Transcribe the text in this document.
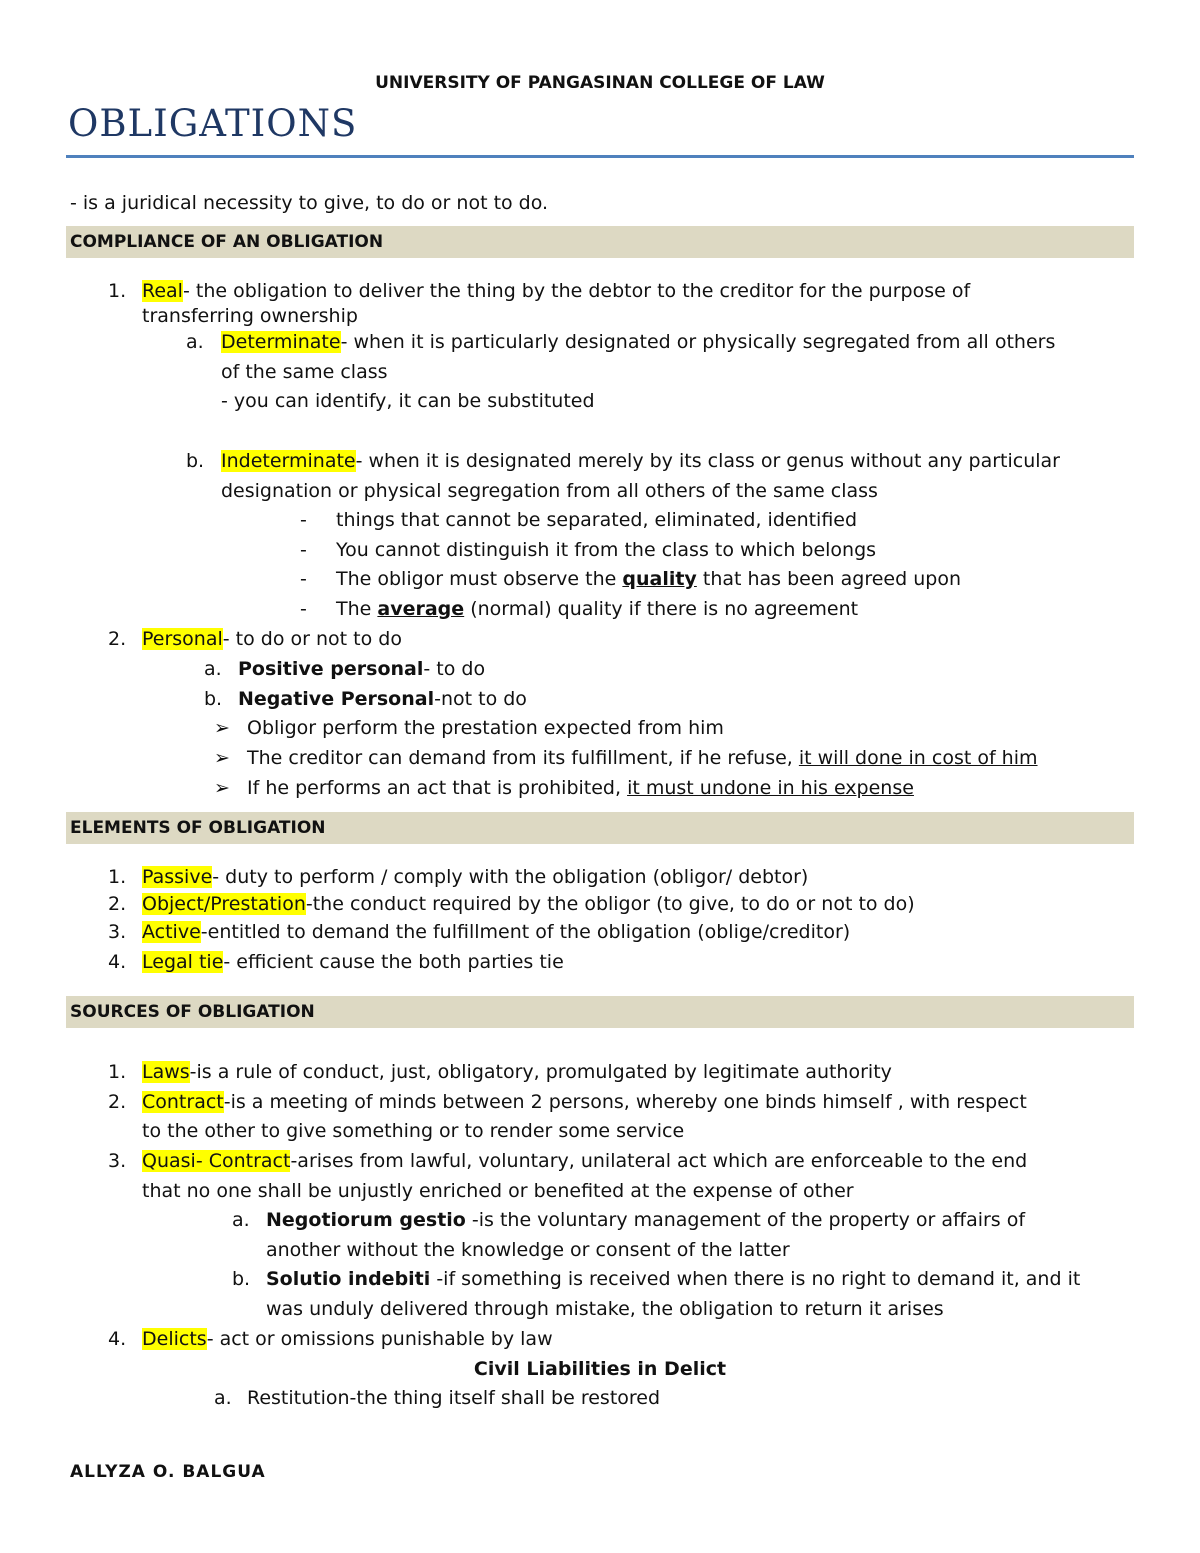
UNIVERSITY OF PANGASINAN COLLEGE OF LAW
OBLIGATIONS
- is a juridical necessity to give, to do or not to do.
COMPLIANCE OF AN OBLIGATION
1. Real- the obligation to deliver the thing by the debtor to the creditor for the purpose of
transferring ownership
a. Determinate- when it is particularly designated or physically segregated from all others
of the same class
- you can identify, it can be substituted
b. Indeterminate- when it is designated merely by its class or genus without any particular
designation or physical segregation from all others of the same class
- things that cannot be separated, eliminated, identified
- You cannot distinguish it from the class to which belongs
- The obligor must observe the quality that has been agreed upon
- The average (normal) quality if there is no agreement
2. Personal- to do or not to do
a. Positive personal- to do
b. Negative Personal-not to do
➢ Obligor perform the prestation expected from him
➢ The creditor can demand from its fulfillment, if he refuse, it will done in cost of him
➢ If he performs an act that is prohibited, it must undone in his expense
ELEMENTS OF OBLIGATION
1. Passive- duty to perform / comply with the obligation (obligor/ debtor)
2. Object/Prestation-the conduct required by the obligor (to give, to do or not to do)
3. Active-entitled to demand the fulfillment of the obligation (oblige/creditor)
4. Legal tie- efficient cause the both parties tie
SOURCES OF OBLIGATION
1. Laws-is a rule of conduct, just, obligatory, promulgated by legitimate authority
2. Contract-is a meeting of minds between 2 persons, whereby one binds himself , with respect
to the other to give something or to render some service
3. Quasi- Contract-arises from lawful, voluntary, unilateral act which are enforceable to the end
that no one shall be unjustly enriched or benefited at the expense of other
a. Negotiorum gestio -is the voluntary management of the property or affairs of
another without the knowledge or consent of the latter
b. Solutio indebiti -if something is received when there is no right to demand it, and it
was unduly delivered through mistake, the obligation to return it arises
4. Delicts- act or omissions punishable by law
Civil Liabilities in Delict
a. Restitution-the thing itself shall be restored
ALLYZA O. BALGUA
